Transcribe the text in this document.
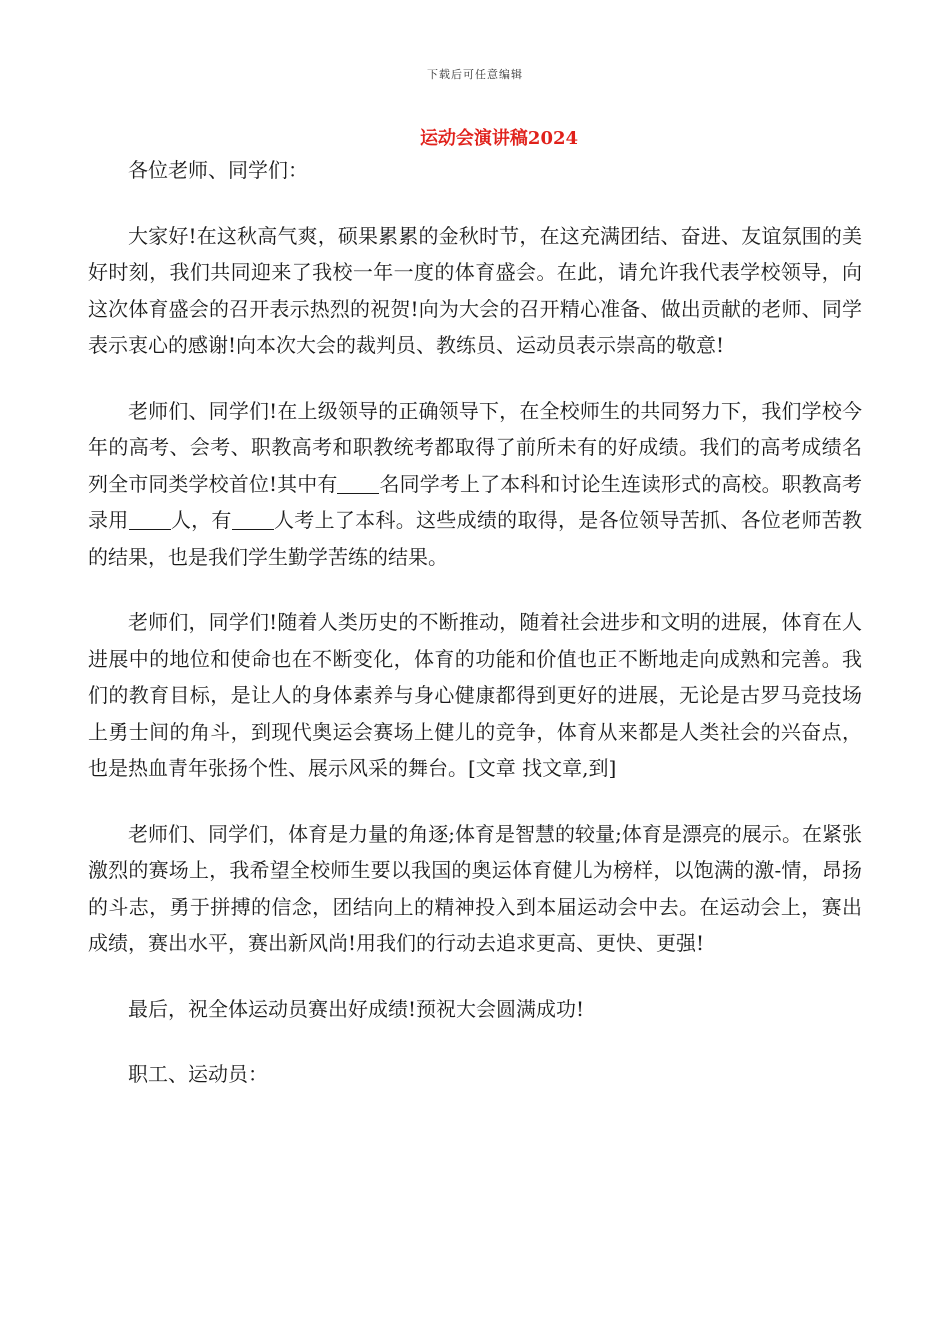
下载后可任意编辑
运动会演讲稿2024

各位老师、同学们：

大家好!在这秋高气爽，硕果累累的金秋时节，在这充满团结、奋进、友谊氛围的美好时刻，我们共同迎来了我校一年一度的体育盛会。在此，请允许我代表学校领导，向这次体育盛会的召开表示热烈的祝贺!向为大会的召开精心准备、做出贡献的老师、同学表示衷心的感谢!向本次大会的裁判员、教练员、运动员表示崇高的敬意!

老师们、同学们!在上级领导的正确领导下，在全校师生的共同努力下，我们学校今年的高考、会考、职教高考和职教统考都取得了前所未有的好成绩。我们的高考成绩名列全市同类学校首位!其中有 名同学考上了本科和讨论生连读形式的高校。职教高考录用 人，有 人考上了本科。这些成绩的取得，是各位领导苦抓、各位老师苦教的结果，也是我们学生勤学苦练的结果。

老师们，同学们!随着人类历史的不断推动，随着社会进步和文明的进展，体育在人进展中的地位和使命也在不断变化，体育的功能和价值也正不断地走向成熟和完善。我们的教育目标，是让人的身体素养与身心健康都得到更好的进展，无论是古罗马竞技场上勇士间的角斗，到现代奥运会赛场上健儿的竞争，体育从来都是人类社会的兴奋点，也是热血青年张扬个性、展示风采的舞台。[文章 找文章,到]

老师们、同学们，体育是力量的角逐;体育是智慧的较量;体育是漂亮的展示。在紧张激烈的赛场上，我希望全校师生要以我国的奥运体育健儿为榜样，以饱满的激-情，昂扬的斗志，勇于拼搏的信念，团结向上的精神投入到本届运动会中去。在运动会上，赛出成绩，赛出水平，赛出新风尚!用我们的行动去追求更高、更快、更强!

最后，祝全体运动员赛出好成绩!预祝大会圆满成功!

职工、运动员：
